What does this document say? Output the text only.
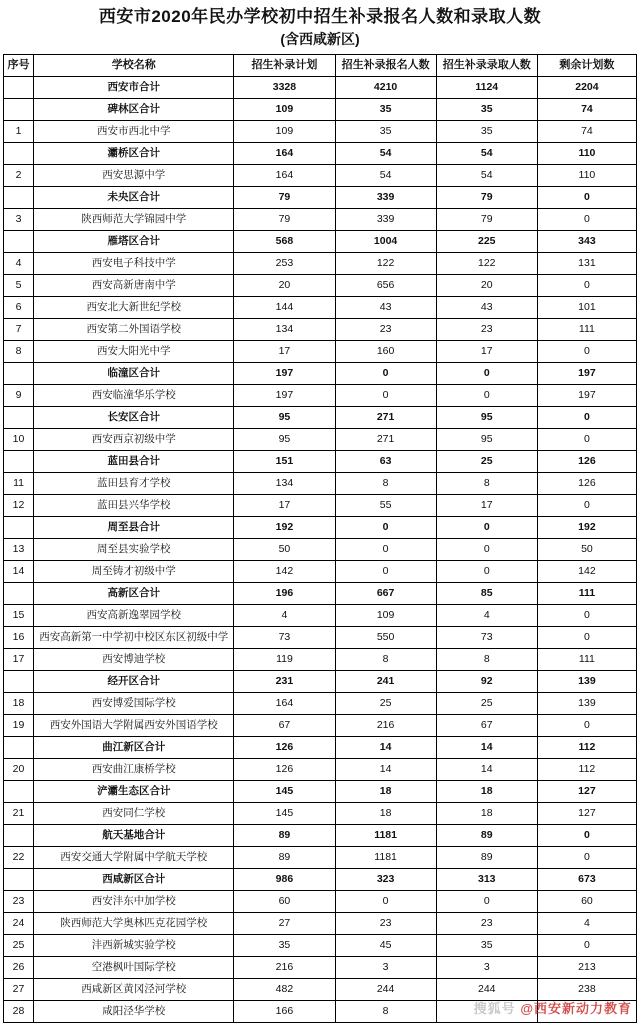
西安市2020年民办学校初中招生补录报名人数和录取人数
(含西咸新区)
序号	学校名称	招生补录计划	招生补录报名人数	招生补录录取人数	剩余计划数
	西安市合计	3328	4210	1124	2204
	碑林区合计	109	35	35	74
1	西安市西北中学	109	35	35	74
	灞桥区合计	164	54	54	110
2	西安思源中学	164	54	54	110
	未央区合计	79	339	79	0
3	陕西师范大学锦园中学	79	339	79	0
	雁塔区合计	568	1004	225	343
4	西安电子科技中学	253	122	122	131
5	西安高新唐南中学	20	656	20	0
6	西安北大新世纪学校	144	43	43	101
7	西安第二外国语学校	134	23	23	111
8	西安大阳光中学	17	160	17	0
	临潼区合计	197	0	0	197
9	西安临潼华乐学校	197	0	0	197
	长安区合计	95	271	95	0
10	西安西京初级中学	95	271	95	0
	蓝田县合计	151	63	25	126
11	蓝田县育才学校	134	8	8	126
12	蓝田县兴华学校	17	55	17	0
	周至县合计	192	0	0	192
13	周至县实验学校	50	0	0	50
14	周至铸才初级中学	142	0	0	142
	高新区合计	196	667	85	111
15	西安高新逸翠园学校	4	109	4	0
16	西安高新第一中学初中校区东区初级中学	73	550	73	0
17	西安博迪学校	119	8	8	111
	经开区合计	231	241	92	139
18	西安博爱国际学校	164	25	25	139
19	西安外国语大学附属西安外国语学校	67	216	67	0
	曲江新区合计	126	14	14	112
20	西安曲江康桥学校	126	14	14	112
	浐灞生态区合计	145	18	18	127
21	西安同仁学校	145	18	18	127
	航天基地合计	89	1181	89	0
22	西安交通大学附属中学航天学校	89	1181	89	0
	西咸新区合计	986	323	313	673
23	西安沣东中加学校	60	0	0	60
24	陕西师范大学奥林匹克花园学校	27	23	23	4
25	沣西新城实验学校	35	45	35	0
26	空港枫叶国际学校	216	3	3	213
27	西咸新区黄冈泾河学校	482	244	244	238
28	咸阳泾华学校	166	8			搜狐号 @西安新动力教育
